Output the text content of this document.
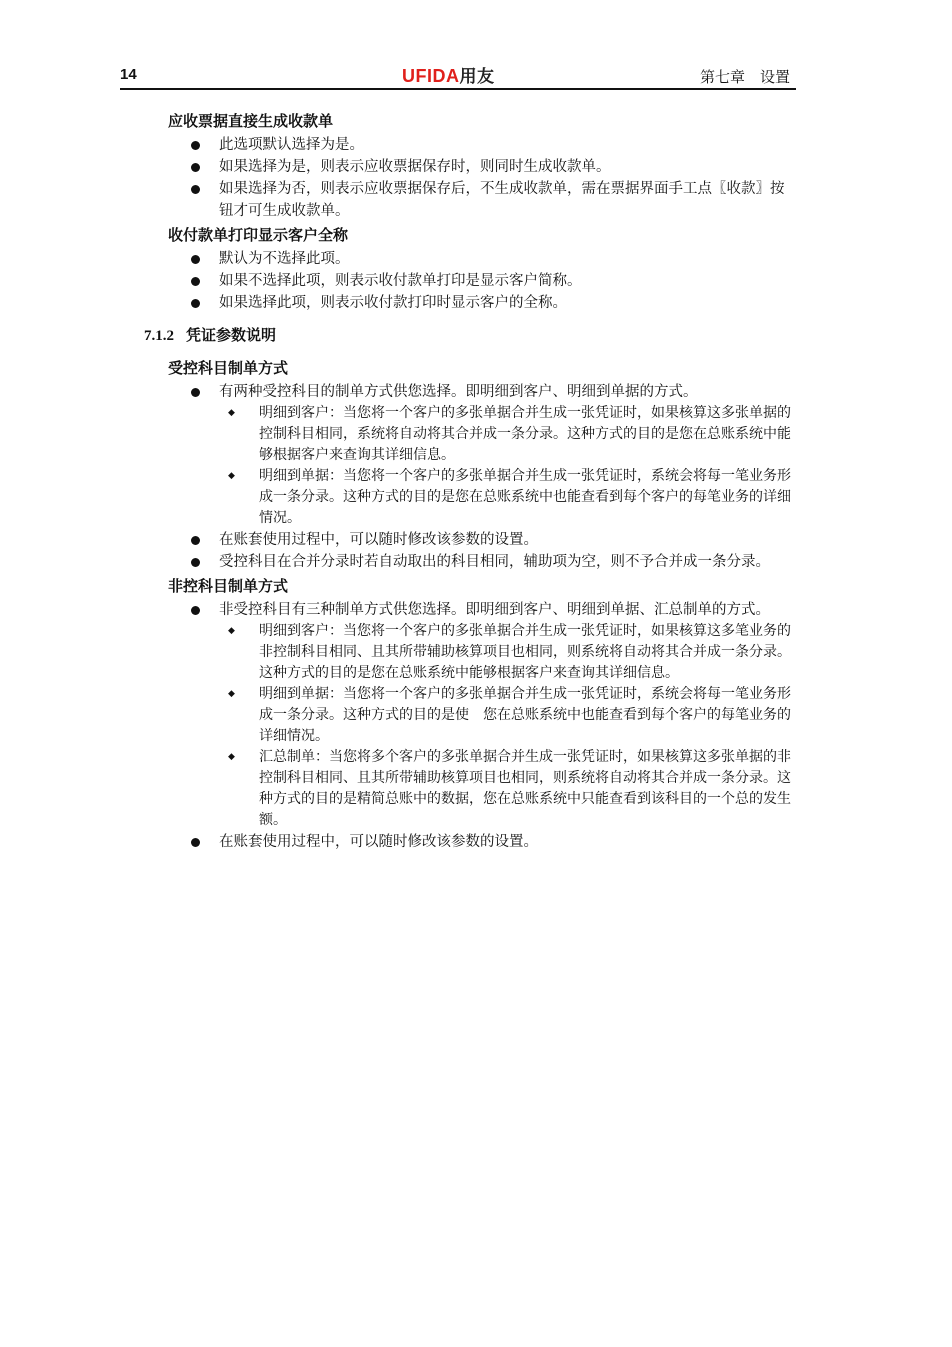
14	UFIDA用友	第七章　设置
应收票据直接生成收款单
此选项默认选择为是。
如果选择为是，则表示应收票据保存时，则同时生成收款单。
如果选择为否，则表示应收票据保存后，不生成收款单，需在票据界面手工点〖收款〗按钮才可生成收款单。
收付款单打印显示客户全称
默认为不选择此项。
如果不选择此项，则表示收付款单打印是显示客户简称。
如果选择此项，则表示收付款打印时显示客户的全称。
7.1.2 凭证参数说明
受控科目制单方式
有两种受控科目的制单方式供您选择。即明细到客户、明细到单据的方式。
◆ 明细到客户：当您将一个客户的多张单据合并生成一张凭证时，如果核算这多张单据的控制科目相同，系统将自动将其合并成一条分录。这种方式的目的是您在总账系统中能够根据客户来查询其详细信息。
◆ 明细到单据：当您将一个客户的多张单据合并生成一张凭证时，系统会将每一笔业务形成一条分录。这种方式的目的是您在总账系统中也能查看到每个客户的每笔业务的详细情况。
在账套使用过程中，可以随时修改该参数的设置。
受控科目在合并分录时若自动取出的科目相同，辅助项为空，则不予合并成一条分录。
非控科目制单方式
非受控科目有三种制单方式供您选择。即明细到客户、明细到单据、汇总制单的方式。
◆ 明细到客户：当您将一个客户的多张单据合并生成一张凭证时，如果核算这多笔业务的非控制科目相同、且其所带辅助核算项目也相同，则系统将自动将其合并成一条分录。这种方式的目的是您在总账系统中能够根据客户来查询其详细信息。
◆ 明细到单据：当您将一个客户的多张单据合并生成一张凭证时，系统会将每一笔业务形成一条分录。这种方式的目的是使　您在总账系统中也能查看到每个客户的每笔业务的详细情况。
◆ 汇总制单：当您将多个客户的多张单据合并生成一张凭证时，如果核算这多张单据的非控制科目相同、且其所带辅助核算项目也相同，则系统将自动将其合并成一条分录。这种方式的目的是精简总账中的数据，您在总账系统中只能查看到该科目的一个总的发生额。
在账套使用过程中，可以随时修改该参数的设置。
